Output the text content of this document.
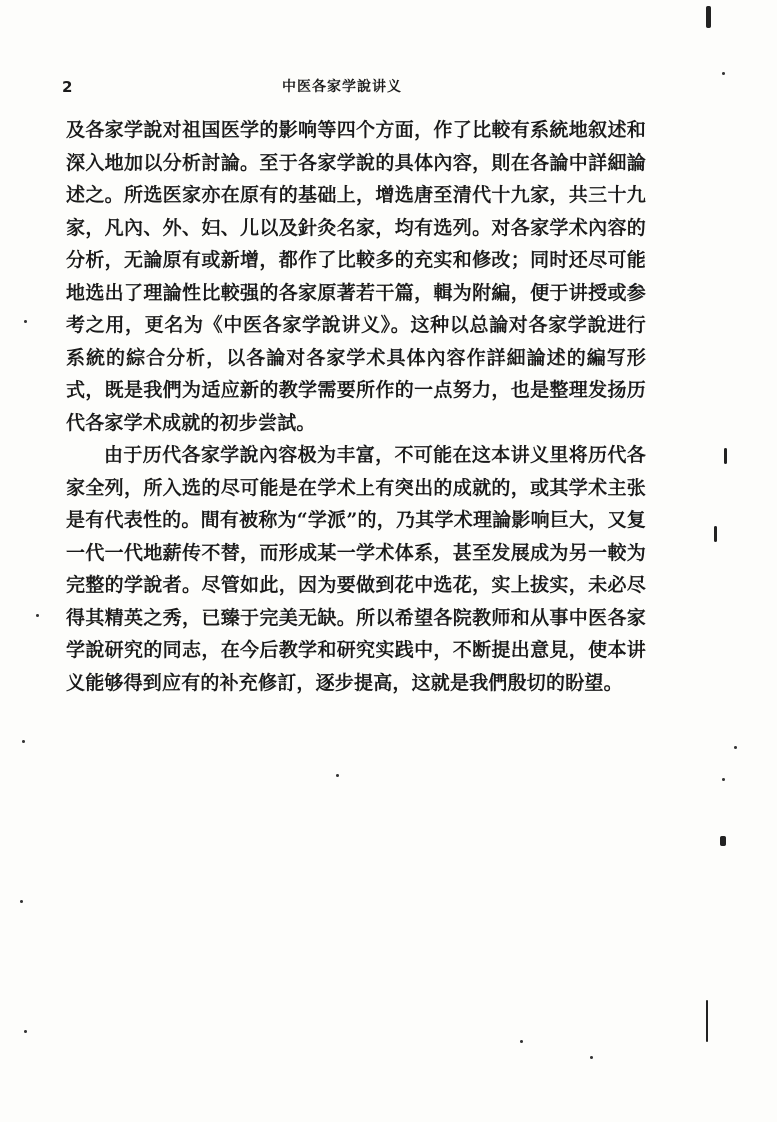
2	中医各家学說讲义

及各家学說对祖国医学的影响等四个方面，作了比較有系統地叙述和深入地加以分析討論。至于各家学說的具体內容，則在各論中詳細論述之。所选医家亦在原有的基础上，增选唐至清代十九家，共三十九家，凡內、外、妇、儿以及針灸名家，均有选列。对各家学术內容的分析，无論原有或新增，都作了比較多的充实和修改；同时还尽可能地选出了理論性比較强的各家原著若干篇，輯为附編，便于讲授或参考之用，更名为《中医各家学說讲义》。这种以总論对各家学說进行系統的綜合分析，以各論对各家学术具体內容作詳細論述的編写形式，既是我們为适应新的教学需要所作的一点努力，也是整理发扬历代各家学术成就的初步尝試。

由于历代各家学說內容极为丰富，不可能在这本讲义里将历代各家全列，所入选的尽可能是在学术上有突出的成就的，或其学术主张是有代表性的。間有被称为“学派”的，乃其学术理論影响巨大，又复一代一代地薪传不替，而形成某一学术体系，甚至发展成为另一較为完整的学說者。尽管如此，因为要做到花中选花，实上拔实，未必尽得其精英之秀，已臻于完美无缺。所以希望各院教师和从事中医各家学說研究的同志，在今后教学和研究实践中，不断提出意見，使本讲义能够得到应有的补充修訂，逐步提高，这就是我們殷切的盼望。
